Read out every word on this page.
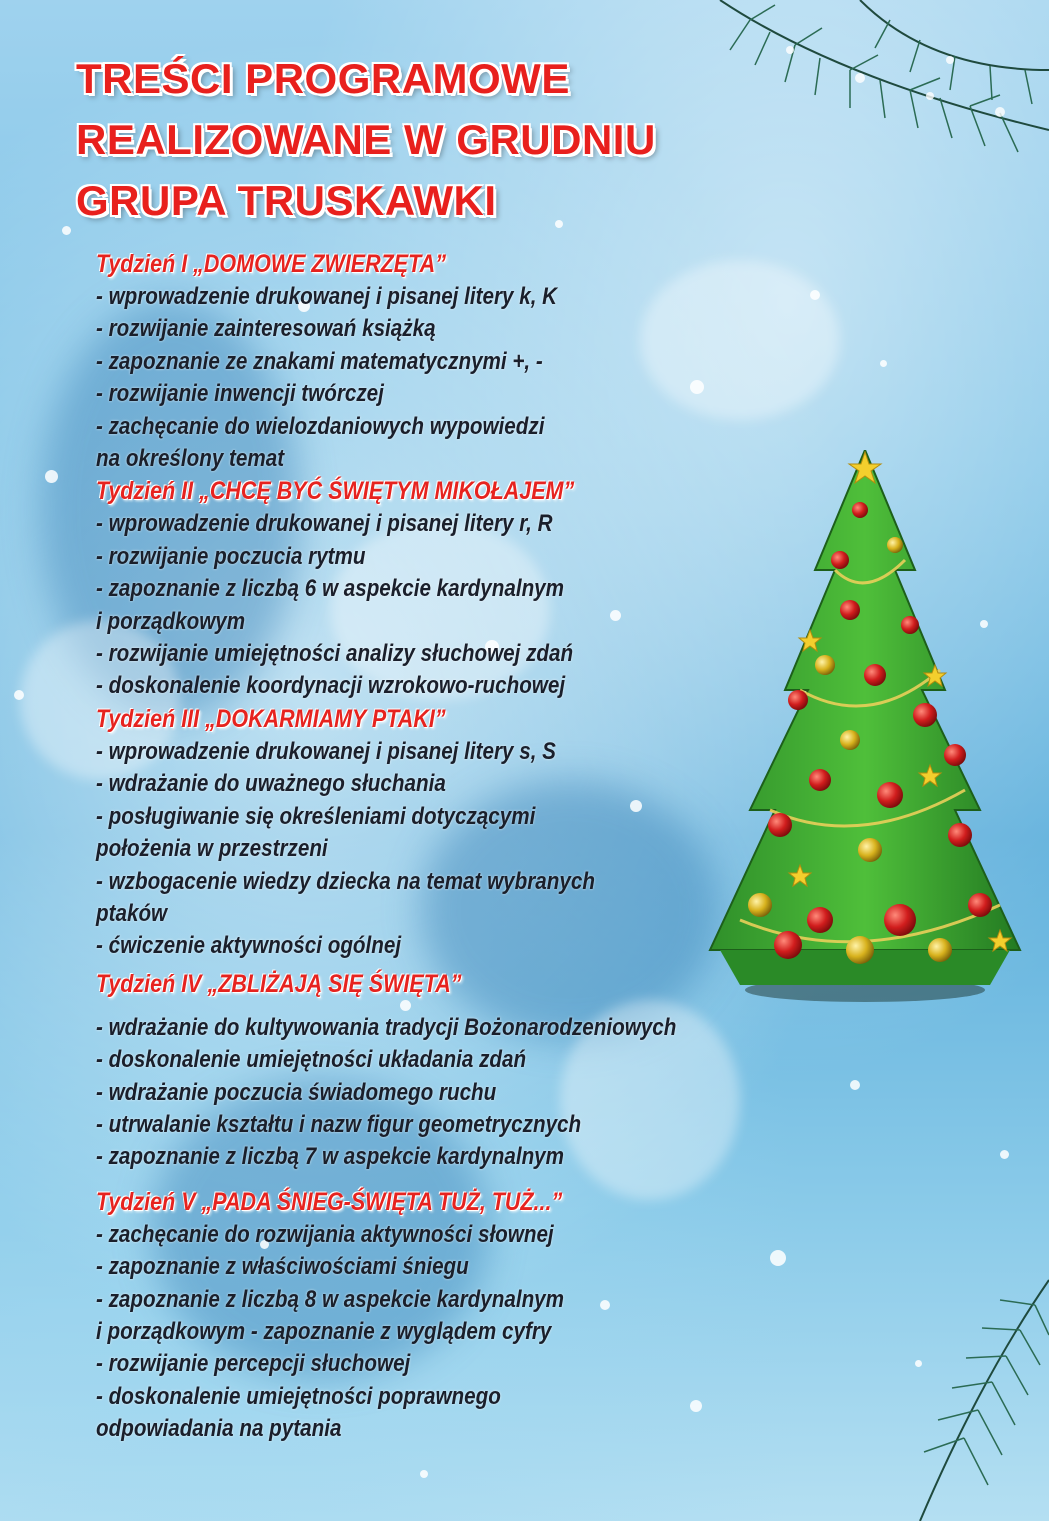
TREŚCI PROGRAMOWE
REALIZOWANE W GRUDNIU
GRUPA TRUSKAWKI
Tydzień I „DOMOWE ZWIERZĘTA”
- wprowadzenie drukowanej i pisanej litery k, K
- rozwijanie zainteresowań książką
- zapoznanie ze znakami matematycznymi +, -
- rozwijanie inwencji twórczej
- zachęcanie do wielozdaniowych wypowiedzi
na określony temat
Tydzień II „CHCĘ BYĆ ŚWIĘTYM MIKOŁAJEM”
- wprowadzenie drukowanej i pisanej litery r, R
- rozwijanie poczucia rytmu
- zapoznanie z liczbą 6 w aspekcie kardynalnym
i porządkowym
- rozwijanie umiejętności analizy słuchowej zdań
- doskonalenie koordynacji wzrokowo-ruchowej
Tydzień III „DOKARMIAMY PTAKI”
- wprowadzenie drukowanej i pisanej litery s, S
- wdrażanie do uważnego słuchania
- posługiwanie się określeniami dotyczącymi
położenia w przestrzeni
- wzbogacenie wiedzy dziecka na temat wybranych
ptaków
- ćwiczenie aktywności ogólnej
Tydzień IV „ZBLIŻAJĄ SIĘ ŚWIĘTA”
- wdrażanie do kultywowania tradycji Bożonarodzeniowych
- doskonalenie umiejętności układania zdań
- wdrażanie poczucia świadomego ruchu
- utrwalanie kształtu i nazw figur geometrycznych
- zapoznanie z liczbą 7 w aspekcie kardynalnym
Tydzień V „PADA ŚNIEG-ŚWIĘTA TUŻ, TUŻ...”
- zachęcanie do rozwijania aktywności słownej
- zapoznanie z właściwościami śniegu
- zapoznanie z liczbą 8 w aspekcie kardynalnym
i porządkowym - zapoznanie z wyglądem cyfry
- rozwijanie percepcji słuchowej
- doskonalenie umiejętności poprawnego
odpowiadania na pytania
